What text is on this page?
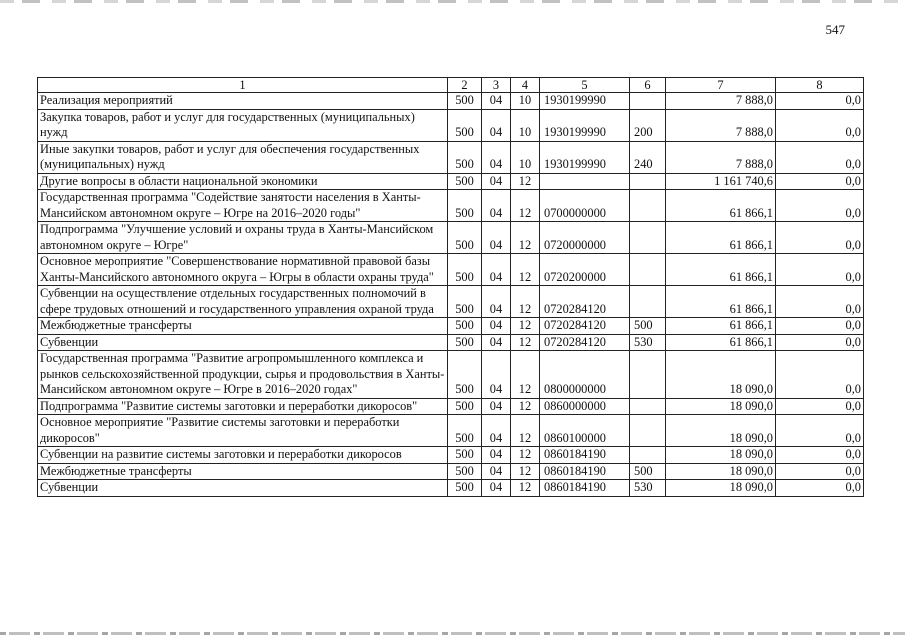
547
1	2	3	4	5	6	7	8
Реализация мероприятий	500	04	10	1930199990		7 888,0	0,0
Закупка товаров, работ и услуг для государственных (муниципальных) нужд	500	04	10	1930199990	200	7 888,0	0,0
Иные закупки товаров, работ и услуг для обеспечения государственных (муниципальных) нужд	500	04	10	1930199990	240	7 888,0	0,0
Другие вопросы в области национальной экономики	500	04	12			1 161 740,6	0,0
Государственная программа "Содействие занятости населения в Ханты-Мансийском автономном округе – Югре на 2016–2020 годы"	500	04	12	0700000000		61 866,1	0,0
Подпрограмма "Улучшение условий и охраны труда в Ханты-Мансийском автономном округе – Югре"	500	04	12	0720000000		61 866,1	0,0
Основное мероприятие "Совершенствование нормативной правовой базы Ханты-Мансийского автономного округа – Югры в области охраны труда"	500	04	12	0720200000		61 866,1	0,0
Субвенции на осуществление отдельных государственных полномочий в сфере трудовых отношений и государственного управления охраной труда	500	04	12	0720284120		61 866,1	0,0
Межбюджетные трансферты	500	04	12	0720284120	500	61 866,1	0,0
Субвенции	500	04	12	0720284120	530	61 866,1	0,0
Государственная программа "Развитие агропромышленного комплекса и рынков сельскохозяйственной продукции, сырья и продовольствия в Ханты-Мансийском автономном округе – Югре в 2016–2020 годах"	500	04	12	0800000000		18 090,0	0,0
Подпрограмма "Развитие системы заготовки и переработки дикоросов"	500	04	12	0860000000		18 090,0	0,0
Основное мероприятие "Развитие системы заготовки и переработки дикоросов"	500	04	12	0860100000		18 090,0	0,0
Субвенции на развитие системы заготовки и переработки дикоросов	500	04	12	0860184190		18 090,0	0,0
Межбюджетные трансферты	500	04	12	0860184190	500	18 090,0	0,0
Субвенции	500	04	12	0860184190	530	18 090,0	0,0
